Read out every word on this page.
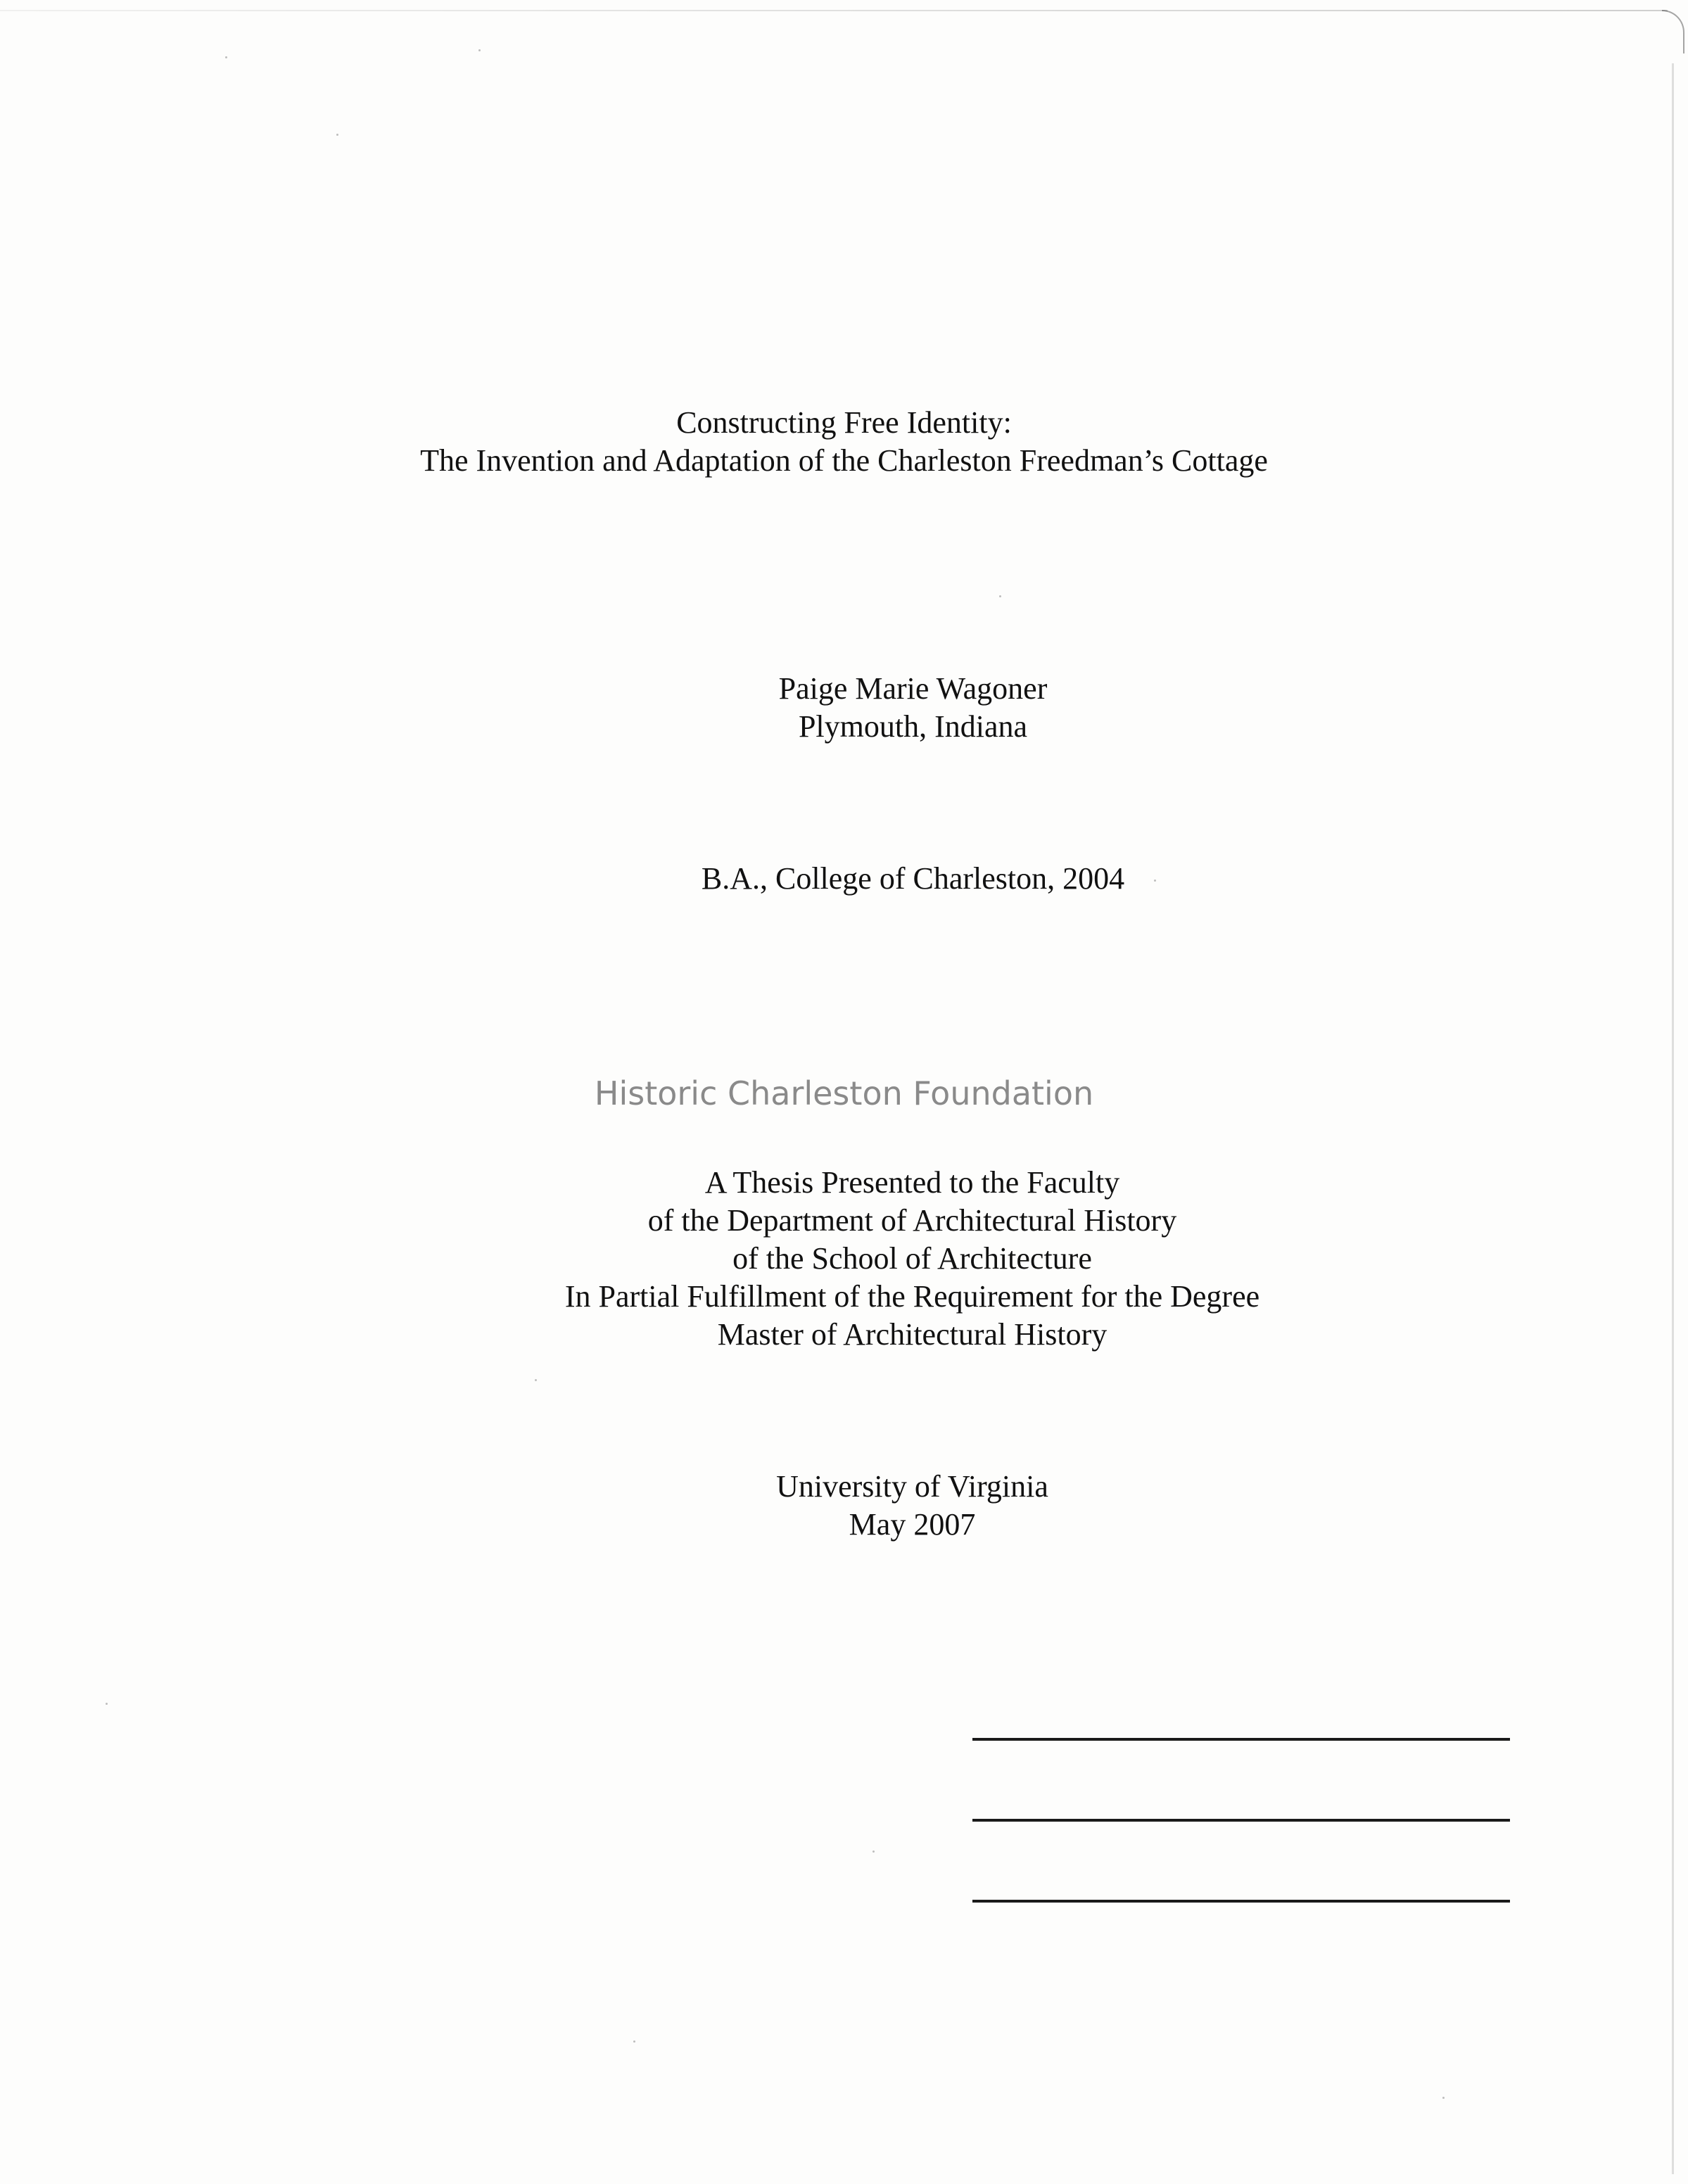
Constructing Free Identity:
The Invention and Adaptation of the Charleston Freedman’s Cottage
Paige Marie Wagoner
Plymouth, Indiana
B.A., College of Charleston, 2004
Historic Charleston Foundation
A Thesis Presented to the Faculty
of the Department of Architectural History
of the School of Architecture
In Partial Fulfillment of the Requirement for the Degree
Master of Architectural History
University of Virginia
May 2007
